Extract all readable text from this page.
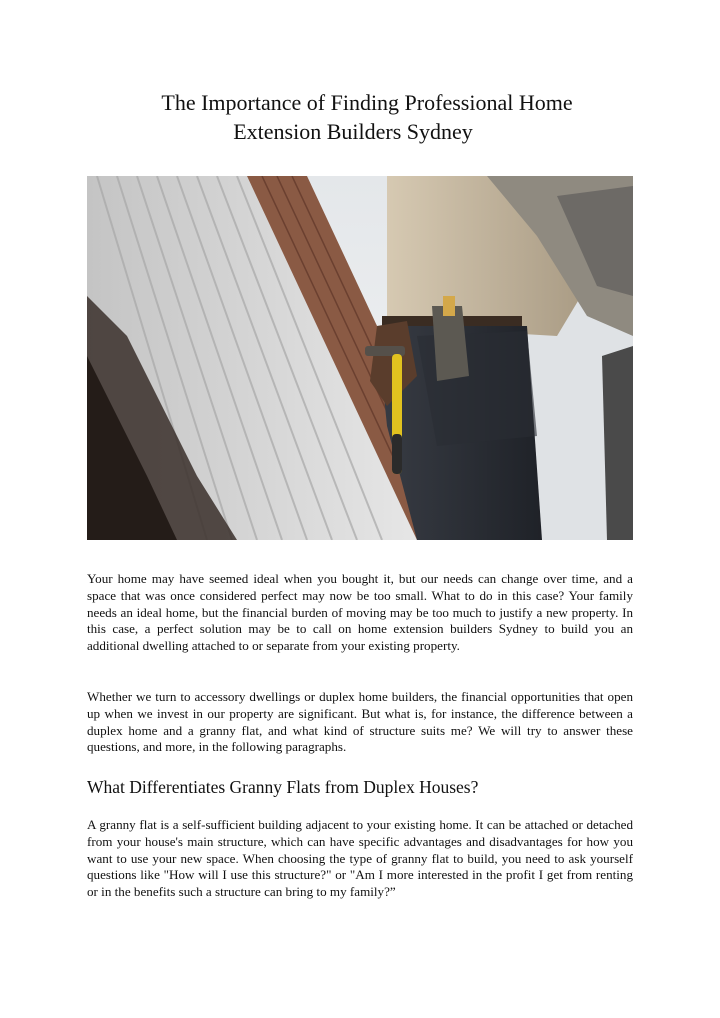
The Importance of Finding Professional Home
Extension Builders Sydney

Your home may have seemed ideal when you bought it, but our needs can change over time, and a space that was once considered perfect may now be too small. What to do in this case? Your family needs an ideal home, but the financial burden of moving may be too much to justify a new property. In this case, a perfect solution may be to call on home extension builders Sydney to build you an additional dwelling attached to or separate from your existing property.

Whether we turn to accessory dwellings or duplex home builders, the financial opportunities that open up when we invest in our property are significant. But what is, for instance, the difference between a duplex home and a granny flat, and what kind of structure suits me? We will try to answer these questions, and more, in the following paragraphs.

What Differentiates Granny Flats from Duplex Houses?

A granny flat is a self-sufficient building adjacent to your existing home. It can be attached or detached from your house's main structure, which can have specific advantages and disadvantages for how you want to use your new space. When choosing the type of granny flat to build, you need to ask yourself questions like "How will I use this structure?" or "Am I more interested in the profit I get from renting or in the benefits such a structure can bring to my family?”
